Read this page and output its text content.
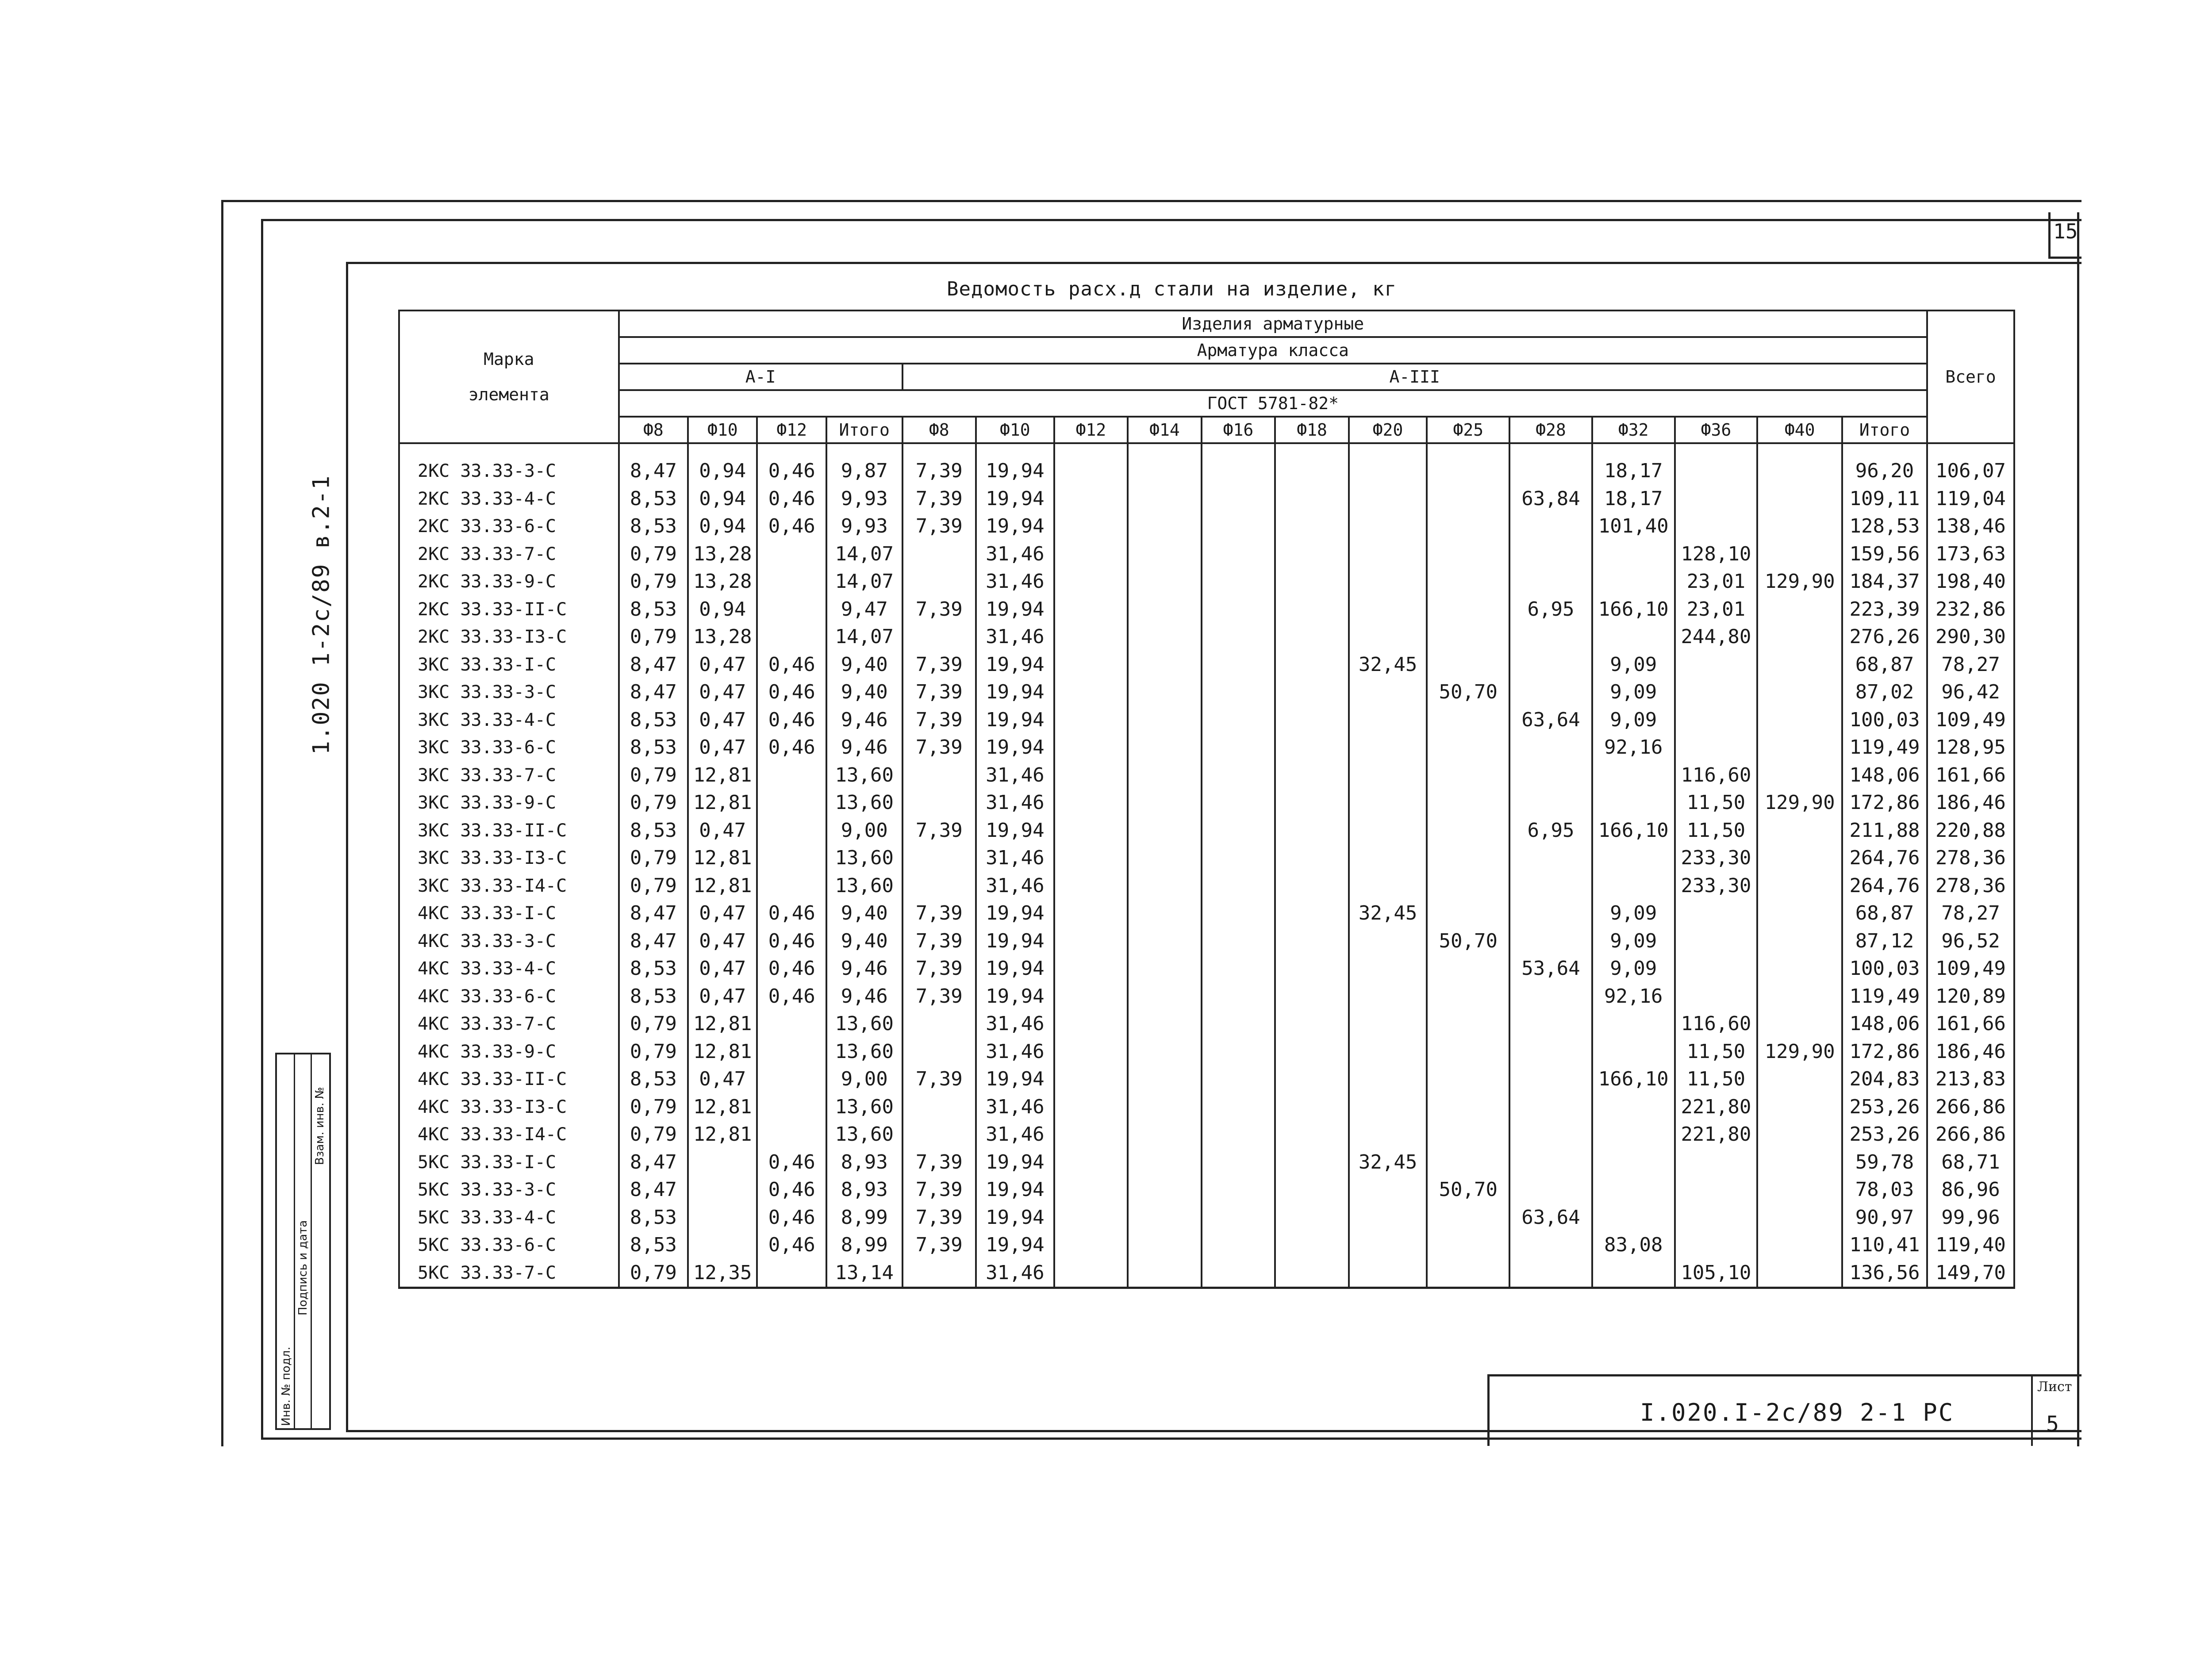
15
1.020 1-2с/89 в.2-1
Инв. № подл.
Подпись и дата
Взам. инв. №
Ведомость расх.д стали на изделие, кг
Марка
элемента	Изделия арматурные																	Всего
	Арматура класса																	
	А-I				А-III													
	ГОСТ 5781-82*																	
	Ф8	Ф10	Ф12	Итого	Ф8	Ф10	Ф12	Ф14	Ф16	Ф18	Ф20	Ф25	Ф28	Ф32	Ф36	Ф40	Итого	
2КС 33.33-3-С	8,47	0,94	0,46	9,87	7,39	19,94								18,17			96,20	106,07
2КС 33.33-4-С	8,53	0,94	0,46	9,93	7,39	19,94							63,84	18,17			109,11	119,04
2КС 33.33-6-С	8,53	0,94	0,46	9,93	7,39	19,94								101,40			128,53	138,46
2КС 33.33-7-С	0,79	13,28		14,07		31,46									128,10		159,56	173,63
2КС 33.33-9-С	0,79	13,28		14,07		31,46									23,01	129,90	184,37	198,40
2КС 33.33-II-С	8,53	0,94		9,47	7,39	19,94							6,95	166,10	23,01		223,39	232,86
2КС 33.33-I3-С	0,79	13,28		14,07		31,46									244,80		276,26	290,30
3КС 33.33-I-С	8,47	0,47	0,46	9,40	7,39	19,94					32,45			9,09			68,87	78,27
3КС 33.33-3-С	8,47	0,47	0,46	9,40	7,39	19,94						50,70		9,09			87,02	96,42
3КС 33.33-4-С	8,53	0,47	0,46	9,46	7,39	19,94							63,64	9,09			100,03	109,49
3КС 33.33-6-С	8,53	0,47	0,46	9,46	7,39	19,94								92,16			119,49	128,95
3КС 33.33-7-С	0,79	12,81		13,60		31,46									116,60		148,06	161,66
3КС 33.33-9-С	0,79	12,81		13,60		31,46									11,50	129,90	172,86	186,46
3КС 33.33-II-С	8,53	0,47		9,00	7,39	19,94							6,95	166,10	11,50		211,88	220,88
3КС 33.33-I3-С	0,79	12,81		13,60		31,46									233,30		264,76	278,36
3КС 33.33-I4-С	0,79	12,81		13,60		31,46									233,30		264,76	278,36
4КС 33.33-I-С	8,47	0,47	0,46	9,40	7,39	19,94					32,45			9,09			68,87	78,27
4КС 33.33-3-С	8,47	0,47	0,46	9,40	7,39	19,94						50,70		9,09			87,12	96,52
4КС 33.33-4-С	8,53	0,47	0,46	9,46	7,39	19,94							53,64	9,09			100,03	109,49
4КС 33.33-6-С	8,53	0,47	0,46	9,46	7,39	19,94								92,16			119,49	120,89
4КС 33.33-7-С	0,79	12,81		13,60		31,46									116,60		148,06	161,66
4КС 33.33-9-С	0,79	12,81		13,60		31,46									11,50	129,90	172,86	186,46
4КС 33.33-II-С	8,53	0,47		9,00	7,39	19,94								166,10	11,50		204,83	213,83
4КС 33.33-I3-С	0,79	12,81		13,60		31,46									221,80		253,26	266,86
4КС 33.33-I4-С	0,79	12,81		13,60		31,46									221,80		253,26	266,86
5КС 33.33-I-С	8,47		0,46	8,93	7,39	19,94					32,45						59,78	68,71
5КС 33.33-3-С	8,47		0,46	8,93	7,39	19,94						50,70					78,03	86,96
5КС 33.33-4-С	8,53		0,46	8,99	7,39	19,94							63,64				90,97	99,96
5КС 33.33-6-С	8,53		0,46	8,99	7,39	19,94								83,08			110,41	119,40
5КС 33.33-7-С	0,79	12,35		13,14		31,46									105,10		136,56	149,70
I.020.I-2с/89 2-1 РС
Лист
5
